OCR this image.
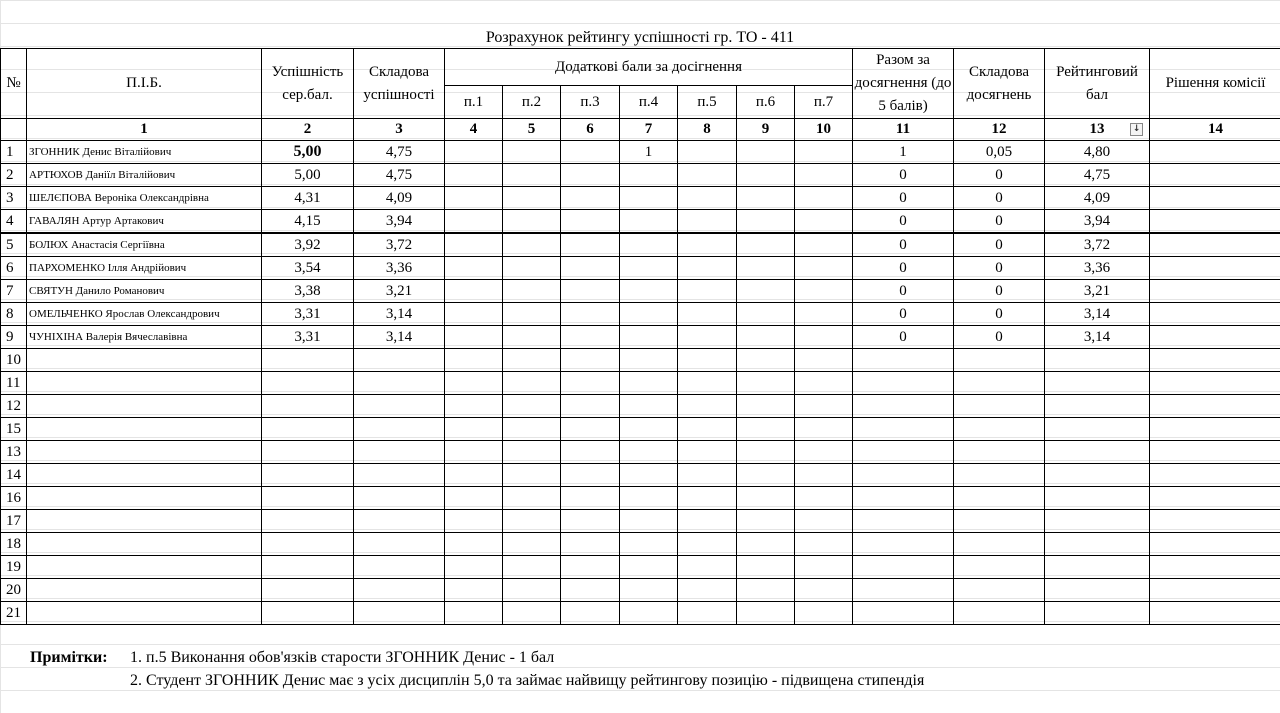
Розрахунок рейтингу успішності гр. ТО - 411
№	П.І.Б.	Успішність сер.бал.	Складова успішності	Додаткові бали за досігнення							Разом за досягнення (до 5 балів)	Складова досягнень	Рейтинговий бал	Рішення комісії
				п.1	п.2	п.3	п.4	п.5	п.6	п.7				
	1	2	3	4	5	6	7	8	9	10	11	12	13 ↓	14
1	ЗГОННИК Денис Віталійович	5,00	4,75				1				1	0,05	4,80	
2	АРТЮХОВ Даніїл Віталійович	5,00	4,75								0	0	4,75	
3	ШЕЛЄПОВА Вероніка Олександрівна	4,31	4,09								0	0	4,09	
4	ГАВАЛЯН Артур Артакович	4,15	3,94								0	0	3,94	
5	БОЛЮХ Анастасія Сергіївна	3,92	3,72								0	0	3,72	
6	ПАРХОМЕНКО Ілля Андрійович	3,54	3,36								0	0	3,36	
7	СВЯТУН Данило Романович	3,38	3,21								0	0	3,21	
8	ОМЕЛЬЧЕНКО Ярослав Олександрович	3,31	3,14								0	0	3,14	
9	ЧУНІХІНА Валерія Вячеславівна	3,31	3,14								0	0	3,14	
10														
11														
12														
15														
13														
14														
16														
17														
18														
19														
20														
21														
Примітки: 1. п.5 Виконання обов'язків старости ЗГОННИК Денис - 1 бал
2. Студент ЗГОННИК Денис має з усіх дисциплін 5,0 та займає найвищу рейтингову позицію - підвищена стипендія
